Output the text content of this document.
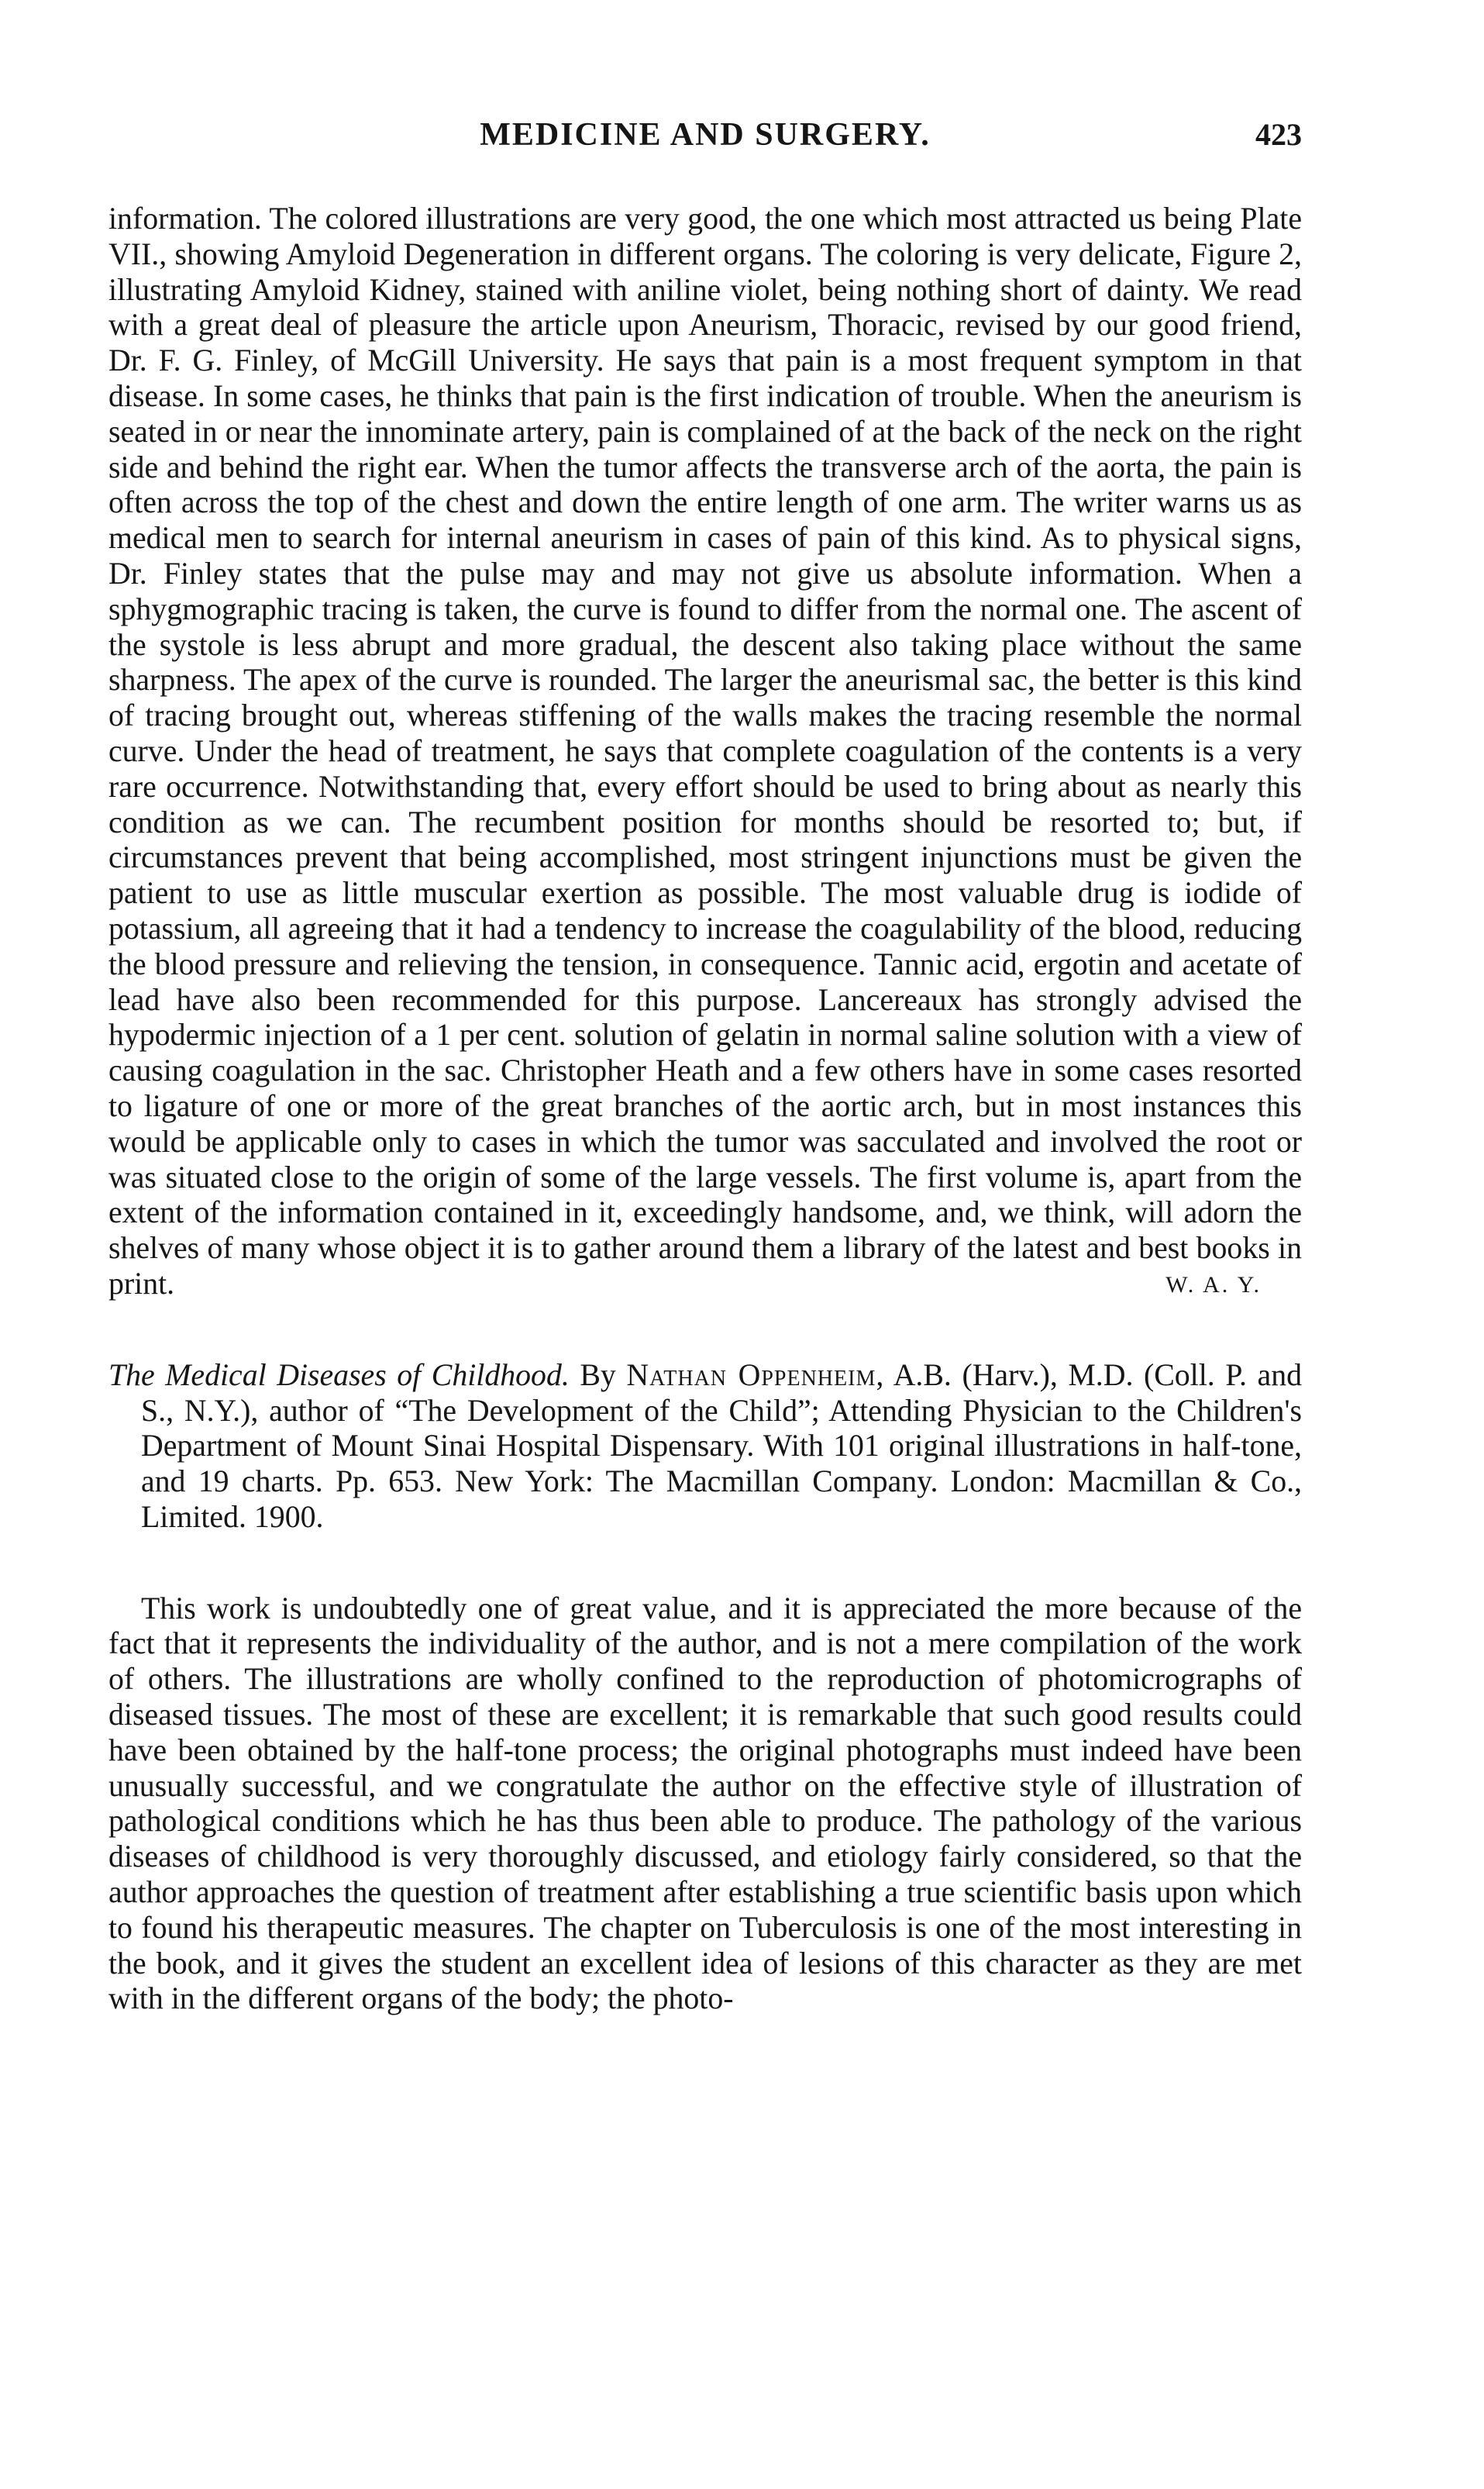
MEDICINE AND SURGERY.	423

information. The colored illustrations are very good, the one which most attracted us being Plate VII., showing Amyloid Degeneration in different organs. The coloring is very delicate, Figure 2, illustrating Amyloid Kidney, stained with aniline violet, being nothing short of dainty. We read with a great deal of pleasure the article upon Aneurism, Thoracic, revised by our good friend, Dr. F. G. Finley, of McGill University. He says that pain is a most frequent symptom in that disease. In some cases, he thinks that pain is the first indication of trouble. When the aneurism is seated in or near the innominate artery, pain is complained of at the back of the neck on the right side and behind the right ear. When the tumor affects the transverse arch of the aorta, the pain is often across the top of the chest and down the entire length of one arm. The writer warns us as medical men to search for internal aneurism in cases of pain of this kind. As to physical signs, Dr. Finley states that the pulse may and may not give us absolute information. When a sphygmographic tracing is taken, the curve is found to differ from the normal one. The ascent of the systole is less abrupt and more gradual, the descent also taking place without the same sharpness. The apex of the curve is rounded. The larger the aneurismal sac, the better is this kind of tracing brought out, whereas stiffening of the walls makes the tracing resemble the normal curve. Under the head of treatment, he says that complete coagulation of the contents is a very rare occurrence. Notwithstanding that, every effort should be used to bring about as nearly this condition as we can. The recumbent position for months should be resorted to; but, if circumstances prevent that being accomplished, most stringent injunctions must be given the patient to use as little muscular exertion as possible. The most valuable drug is iodide of potassium, all agreeing that it had a tendency to increase the coagulability of the blood, reducing the blood pressure and relieving the tension, in consequence. Tannic acid, ergotin and acetate of lead have also been recommended for this purpose. Lancereaux has strongly advised the hypodermic injection of a 1 per cent. solution of gelatin in normal saline solution with a view of causing coagulation in the sac. Christopher Heath and a few others have in some cases resorted to ligature of one or more of the great branches of the aortic arch, but in most instances this would be applicable only to cases in which the tumor was sacculated and involved the root or was situated close to the origin of some of the large vessels. The first volume is, apart from the extent of the information contained in it, exceedingly handsome, and, we think, will adorn the shelves of many whose object it is to gather around them a library of the latest and best books in print.	W. A. Y.

The Medical Diseases of Childhood. By Nathan Oppenheim, A.B. (Harv.), M.D. (Coll. P. and S., N.Y.), author of “The Development of the Child”; Attending Physician to the Children's Department of Mount Sinai Hospital Dispensary. With 101 original illustrations in half-tone, and 19 charts. Pp. 653. New York: The Macmillan Company. London: Macmillan & Co., Limited. 1900.

This work is undoubtedly one of great value, and it is appreciated the more because of the fact that it represents the individuality of the author, and is not a mere compilation of the work of others. The illustrations are wholly confined to the reproduction of photomicrographs of diseased tissues. The most of these are excellent; it is remarkable that such good results could have been obtained by the half-tone process; the original photographs must indeed have been unusually successful, and we congratulate the author on the effective style of illustration of pathological conditions which he has thus been able to produce. The pathology of the various diseases of childhood is very thoroughly discussed, and etiology fairly considered, so that the author approaches the question of treatment after establishing a true scientific basis upon which to found his therapeutic measures. The chapter on Tuberculosis is one of the most interesting in the book, and it gives the student an excellent idea of lesions of this character as they are met with in the different organs of the body; the photo-
